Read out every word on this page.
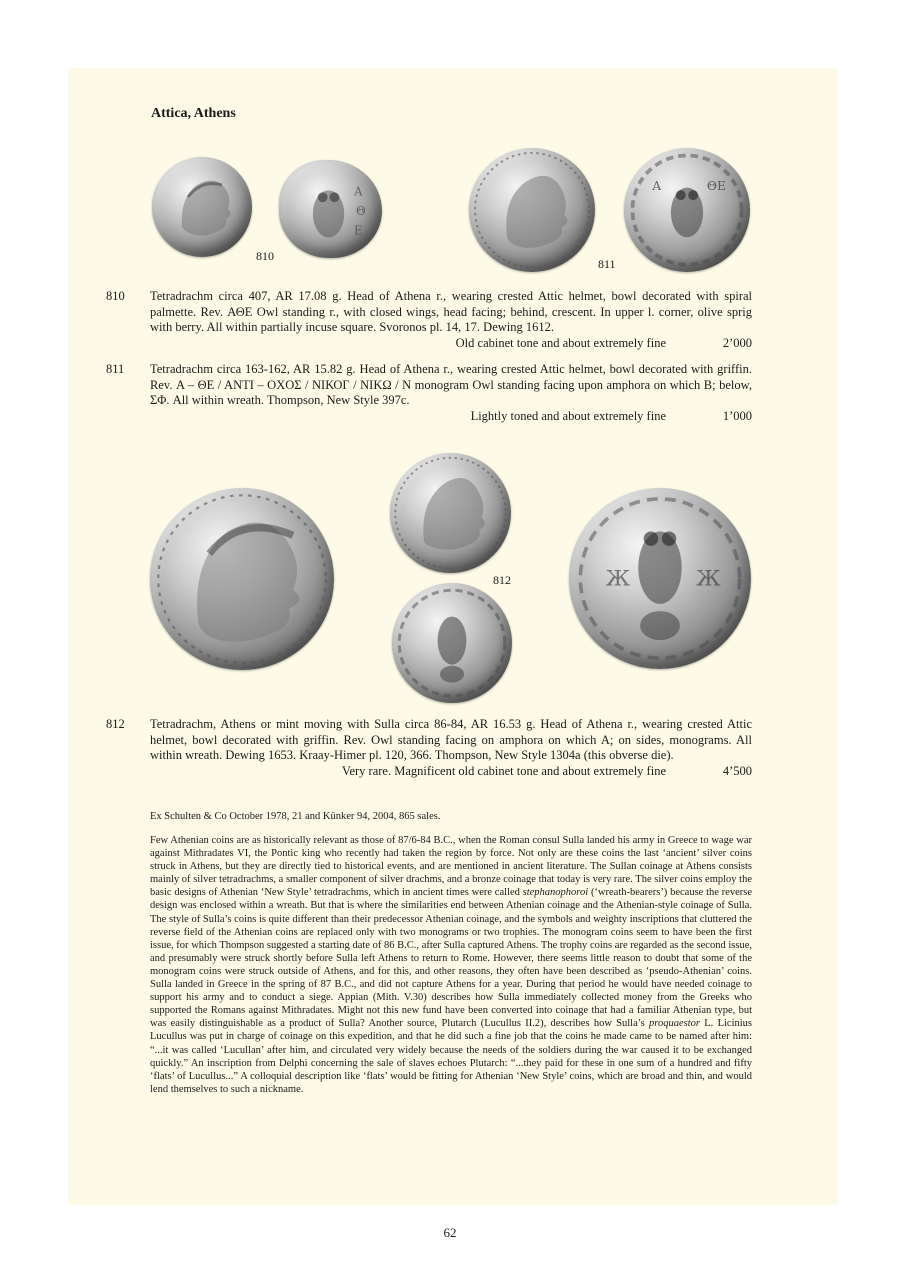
Attica, Athens
Α
Θ
Ε
810
Α	ΘΕ
811
810 Tetradrachm circa 407, AR 17.08 g. Head of Athena r., wearing crested Attic helmet, bowl decorated with spiral palmette. Rev. ΑΘΕ Owl standing r., with closed wings, head facing; behind, crescent. In upper l. corner, olive sprig with berry. All within partially incuse square. Svoronos pl. 14, 17. Dewing 1612.
Old cabinet tone and about extremely fine	2’000
811 Tetradrachm circa 163-162, AR 15.82 g. Head of Athena r., wearing crested Attic helmet, bowl decorated with griffin. Rev. Α – ΘΕ / ΑΝΤΙ – ΟΧΟΣ / ΝΙΚΟΓ / ΝΙΚΩ / Ν monogram Owl standing facing upon amphora on which Β; below, ΣΦ. All within wreath. Thompson, New Style 397c.
Lightly toned and about extremely fine	1’000
812	Ж	Ж
812 Tetradrachm, Athens or mint moving with Sulla circa 86-84, AR 16.53 g. Head of Athena r., wearing crested Attic helmet, bowl decorated with griffin. Rev. Owl standing facing on amphora on which A; on sides, monograms. All within wreath. Dewing 1653. Kraay-Himer pl. 120, 366. Thompson, New Style 1304a (this obverse die).
Very rare. Magnificent old cabinet tone and about extremely fine	4’500
Ex Schulten & Co October 1978, 21 and Künker 94, 2004, 865 sales.
Few Athenian coins are as historically relevant as those of 87/6-84 B.C., when the Roman consul Sulla landed his army in Greece to wage war against Mithradates VI, the Pontic king who recently had taken the region by force. Not only are these coins the last ‘ancient’ silver coins struck in Athens, but they are directly tied to historical events, and are mentioned in ancient literature. The Sullan coinage at Athens consists mainly of silver tetradrachms, a smaller component of silver drachms, and a bronze coinage that today is very rare. The silver coins employ the basic designs of Athenian ‘New Style’ tetradrachms, which in ancient times were called stephanophoroi (‘wreath-bearers’) because the reverse design was enclosed within a wreath. But that is where the similarities end between Athenian coinage and the Athenian-style coinage of Sulla. The style of Sulla’s coins is quite different than their predecessor Athenian coinage, and the symbols and weighty inscriptions that cluttered the reverse field of the Athenian coins are replaced only with two monograms or two trophies. The monogram coins seem to have been the first issue, for which Thompson suggested a starting date of 86 B.C., after Sulla captured Athens. The trophy coins are regarded as the second issue, and presumably were struck shortly before Sulla left Athens to return to Rome. However, there seems little reason to doubt that some of the monogram coins were struck outside of Athens, and for this, and other reasons, they often have been described as ‘pseudo-Athenian’ coins. Sulla landed in Greece in the spring of 87 B.C., and did not capture Athens for a year. During that period he would have needed coinage to support his army and to conduct a siege. Appian (Mith. V.30) describes how Sulla immediately collected money from the Greeks who supported the Romans against Mithradates. Might not this new fund have been converted into coinage that had a familiar Athenian type, but was easily distinguishable as a product of Sulla? Another source, Plutarch (Lucullus II.2), describes how Sulla’s proquaestor L. Licinius Lucullus was put in charge of coinage on this expedition, and that he did such a fine job that the coins he made came to be named after him: “...it was called ‘Lucullan’ after him, and circulated very widely because the needs of the soldiers during the war caused it to be exchanged quickly.” An inscription from Delphi concerning the sale of slaves echoes Plutarch: “...they paid for these in one sum of a hundred and fifty ‘flats’ of Lucullus...” A colloquial description like ‘flats’ would be fitting for Athenian ‘New Style’ coins, which are broad and thin, and would lend themselves to such a nickname.
62
